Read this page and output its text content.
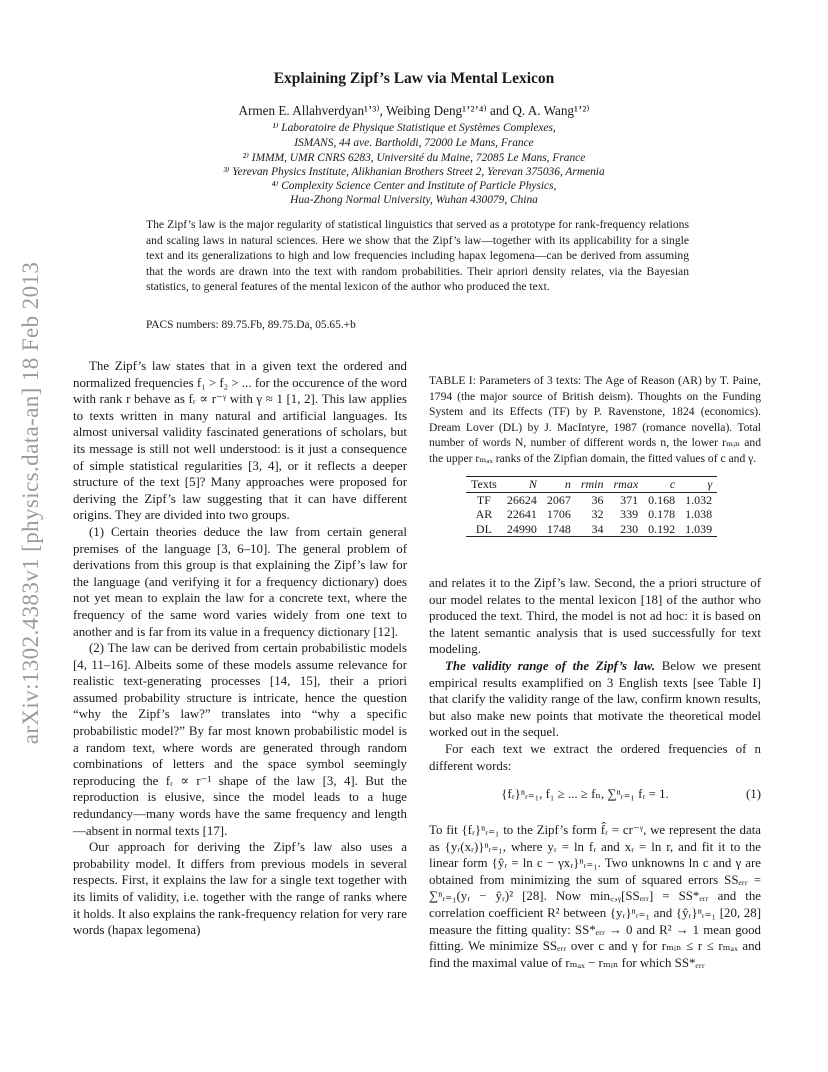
arXiv:1302.4383v1 [physics.data-an] 18 Feb 2013
Explaining Zipf’s Law via Mental Lexicon
Armen E. Allahverdyan¹ʼ³⁾, Weibing Deng¹ʼ²ʼ⁴⁾ and Q. A. Wang¹ʼ²⁾
¹⁾ Laboratoire de Physique Statistique et Systèmes Complexes,
ISMANS, 44 ave. Bartholdi, 72000 Le Mans, France
²⁾ IMMM, UMR CNRS 6283, Université du Maine, 72085 Le Mans, France
³⁾ Yerevan Physics Institute, Alikhanian Brothers Street 2, Yerevan 375036, Armenia
⁴⁾ Complexity Science Center and Institute of Particle Physics,
Hua-Zhong Normal University, Wuhan 430079, China
The Zipf’s law is the major regularity of statistical linguistics that served as a prototype for rank-frequency relations and scaling laws in natural sciences. Here we show that the Zipf’s law—together with its applicability for a single text and its generalizations to high and low frequencies including hapax legomena—can be derived from assuming that the words are drawn into the text with random probabilities. Their apriori density relates, via the Bayesian statistics, to general features of the mental lexicon of the author who produced the text.
PACS numbers: 89.75.Fb, 89.75.Da, 05.65.+b

The Zipf’s law states that in a given text the ordered and normalized frequencies f₁ > f₂ > ... for the occurence of the word with rank r behave as fᵣ ∝ r⁻ᵞ with γ ≈ 1 [1, 2]. This law applies to texts written in many natural and artificial languages. Its almost universal validity fascinated generations of scholars, but its message is still not well understood: is it just a consequence of simple statistical regularities [3, 4], or it reflects a deeper structure of the text [5]? Many approaches were proposed for deriving the Zipf’s law suggesting that it can have different origins. They are divided into two groups.

(1) Certain theories deduce the law from certain general premises of the language [3, 6–10]. The general problem of derivations from this group is that explaining the Zipf’s law for the language (and verifying it for a frequency dictionary) does not yet mean to explain the law for a concrete text, where the frequency of the same word varies widely from one text to another and is far from its value in a frequency dictionary [12].

(2) The law can be derived from certain probabilistic models [4, 11–16]. Albeits some of these models assume relevance for realistic text-generating processes [14, 15], their a priori assumed probability structure is intricate, hence the question “why the Zipf’s law?” translates into “why a specific probabilistic model?” By far most known probabilistic model is a random text, where words are generated through random combinations of letters and the space symbol seemingly reproducing the fᵣ ∝ r⁻¹ shape of the law [3, 4]. But the reproduction is elusive, since the model leads to a huge redundancy—many words have the same frequency and length—absent in normal texts [17].

Our approach for deriving the Zipf’s law also uses a probability model. It differs from previous models in several respects. First, it explains the law for a single text together with its limits of validity, i.e. together with the range of ranks where it holds. It also explains the rank-frequency relation for very rare words (hapax legomena)

TABLE I: Parameters of 3 texts: The Age of Reason (AR) by T. Paine, 1794 (the major source of British deism). Thoughts on the Funding System and its Effects (TF) by P. Ravenstone, 1824 (economics). Dream Lover (DL) by J. MacIntyre, 1987 (romance novella). Total number of words N, number of different words n, the lower rₘᵢₙ and the upper rₘₐₓ ranks of the Zipfian domain, the fitted values of c and γ.
Texts	N	n	rmin	rmax	c	γ
TF	26624	2067	36	371	0.168	1.032
AR	22641	1706	32	339	0.178	1.038
DL	24990	1748	34	230	0.192	1.039

and relates it to the Zipf’s law. Second, the a priori structure of our model relates to the mental lexicon [18] of the author who produced the text. Third, the model is not ad hoc: it is based on the latent semantic analysis that is used successfully for text modeling.

The validity range of the Zipf’s law. Below we present empirical results examplified on 3 English texts [see Table I] that clarify the validity range of the law, confirm known results, but also make new points that motivate the theoretical model worked out in the sequel.

For each text we extract the ordered frequencies of n different words:

{fᵣ}ⁿᵣ₌₁, f₁ ≥ ... ≥ fₙ, ∑ⁿᵣ₌₁ fᵣ = 1.	(1)

To fit {fᵣ}ⁿᵣ₌₁ to the Zipf’s form f̂ᵣ = cr⁻ᵞ, we represent the data as {yᵣ(xᵣ)}ⁿᵣ₌₁, where yᵣ = ln fᵣ and xᵣ = ln r, and fit it to the linear form {ŷᵣ = ln c − γxᵣ}ⁿᵣ₌₁. Two unknowns ln c and γ are obtained from minimizing the sum of squared errors SSₑᵣᵣ = ∑ⁿᵣ₌₁(yᵣ − ŷᵣ)² [28]. Now min꜀,ᵧ[SSₑᵣᵣ] = SS*ₑᵣᵣ and the correlation coefficient R² between {yᵣ}ⁿᵣ₌₁ and {ŷᵣ}ⁿᵣ₌₁ [20, 28] measure the fitting quality: SS*ₑᵣᵣ → 0 and R² → 1 mean good fitting. We minimize SSₑᵣᵣ over c and γ for rₘᵢₙ ≤ r ≤ rₘₐₓ and find the maximal value of rₘₐₓ − rₘᵢₙ for which SS*ₑᵣᵣ
